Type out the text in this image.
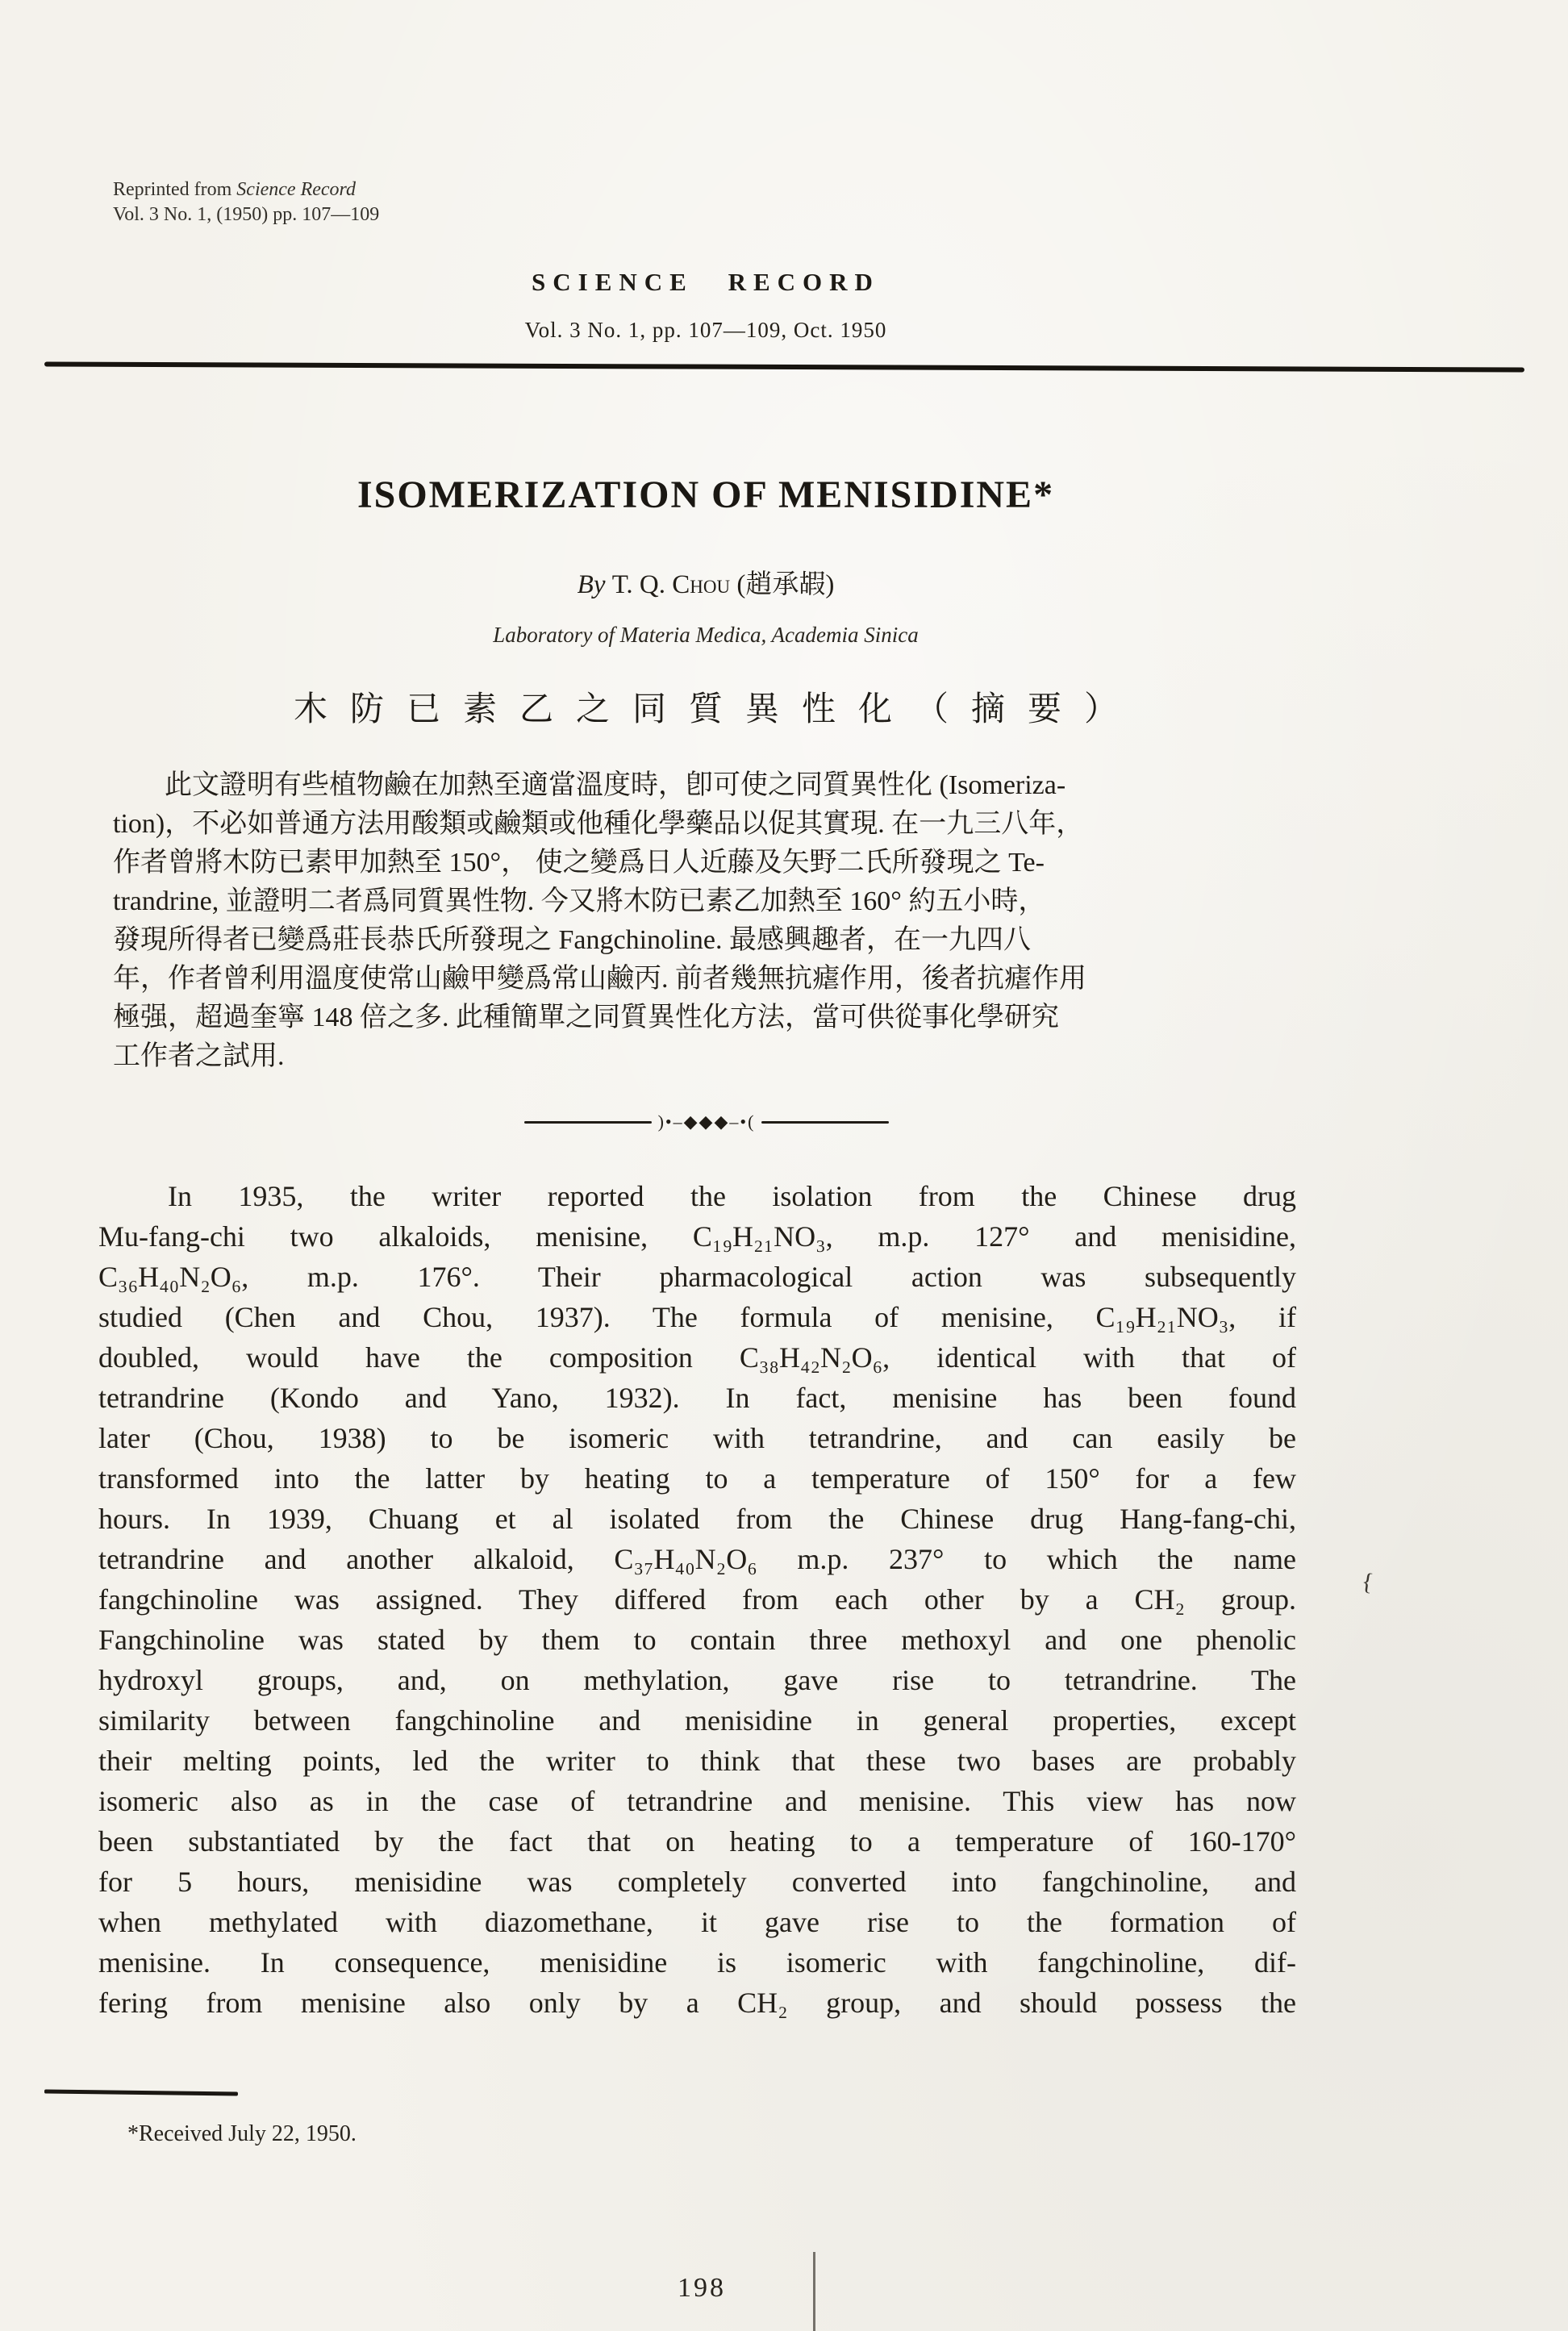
Reprinted from Science Record
Vol. 3 No. 1, (1950) pp. 107—109
SCIENCE RECORD
Vol. 3 No. 1, pp. 107—109, Oct. 1950
ISOMERIZATION OF MENISIDINE*
By T. Q. Chou (趙承嘏)
Laboratory of Materia Medica, Academia Sinica
木防已素乙之同質異性化（摘要）
此文證明有些植物鹼在加熱至適當溫度時，卽可使之同質異性化 (Isomeriza-
tion)，不必如普通方法用酸類或鹼類或他種化學藥品以促其實現. 在一九三八年，
作者曾將木防已素甲加熱至 150°， 使之變爲日人近藤及矢野二氏所發現之 Te-
trandrine, 並證明二者爲同質異性物. 今又將木防已素乙加熱至 160° 約五小時，
發現所得者已變爲莊長恭氏所發現之 Fangchinoline. 最感興趣者，在一九四八
年，作者曾利用溫度使常山鹼甲變爲常山鹼丙. 前者幾無抗瘧作用，後者抗瘧作用
極强，超過奎寧 148 倍之多. 此種簡單之同質異性化方法，當可供從事化學研究
工作者之試用.
)•–◆◆◆–•(
In 1935, the writer reported the isolation from the Chinese drug
Mu-fang-chi two alkaloids, menisine, C₁₉H₂₁NO₃, m.p. 127° and menisidine,
C₃₆H₄₀N₂O₆, m.p. 176°. Their pharmacological action was subsequently
studied (Chen and Chou, 1937). The formula of menisine, C₁₉H₂₁NO₃, if
doubled, would have the composition C₃₈H₄₂N₂O₆, identical with that of
tetrandrine (Kondo and Yano, 1932). In fact, menisine has been found
later (Chou, 1938) to be isomeric with tetrandrine, and can easily be
transformed into the latter by heating to a temperature of 150° for a few
hours. In 1939, Chuang et al isolated from the Chinese drug Hang-fang-chi,
tetrandrine and another alkaloid, C₃₇H₄₀N₂O₆ m.p. 237° to which the name
fangchinoline was assigned. They differed from each other by a CH₂ group.
Fangchinoline was stated by them to contain three methoxyl and one phenolic
hydroxyl groups, and, on methylation, gave rise to tetrandrine. The
similarity between fangchinoline and menisidine in general properties, except
their melting points, led the writer to think that these two bases are probably
isomeric also as in the case of tetrandrine and menisine. This view has now
been substantiated by the fact that on heating to a temperature of 160-170°
for 5 hours, menisidine was completely converted into fangchinoline, and
when methylated with diazomethane, it gave rise to the formation of
menisine. In consequence, menisidine is isomeric with fangchinoline, dif-
fering from menisine also only by a CH₂ group, and should possess the
*Received July 22, 1950.
{
198
